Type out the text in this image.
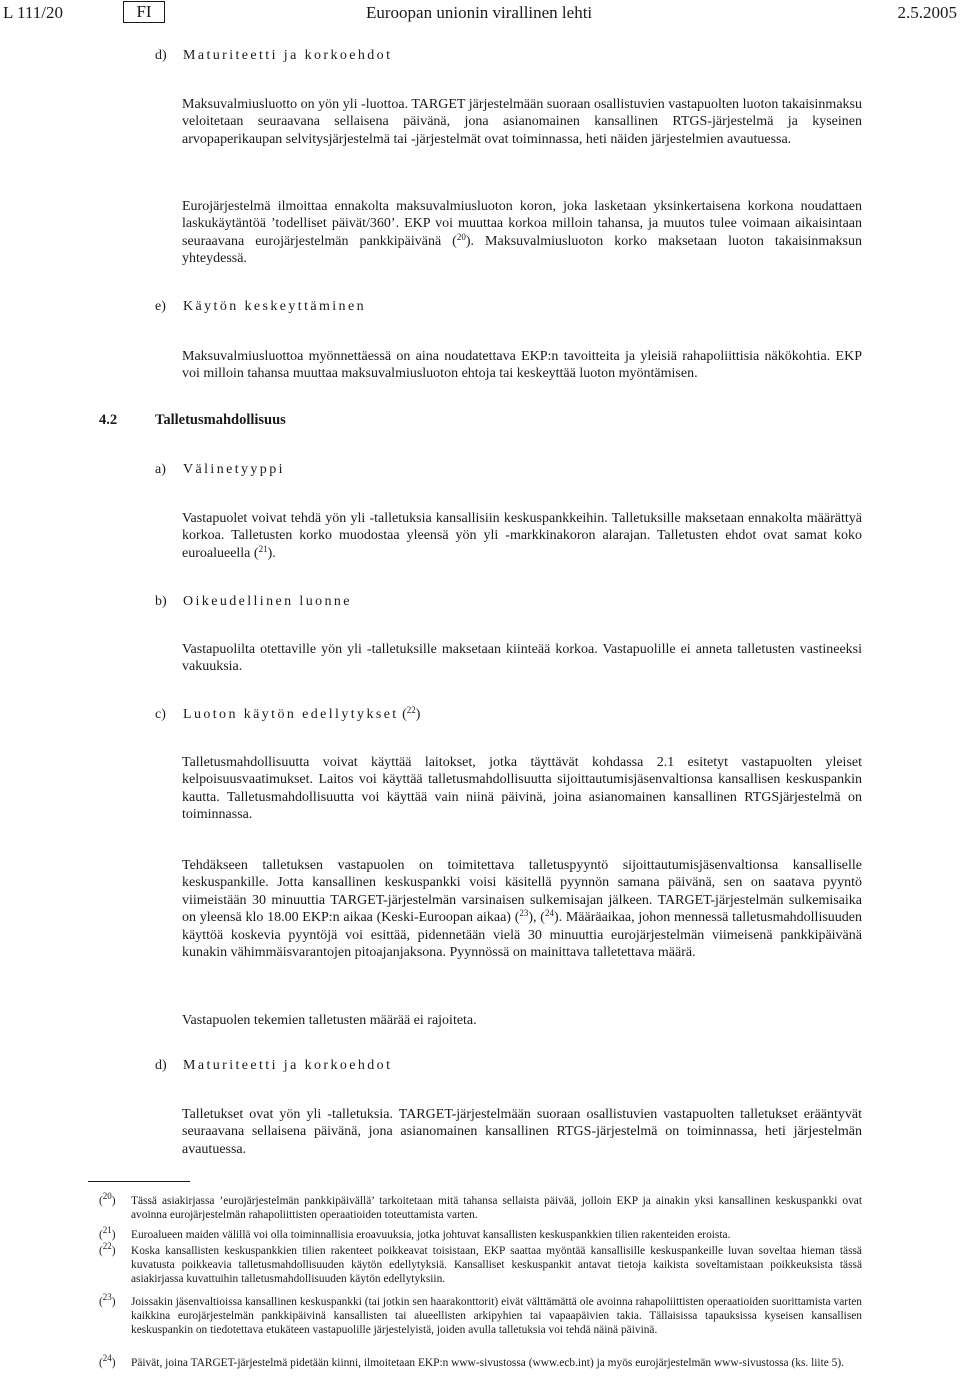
L 111/20	FI	Euroopan unionin virallinen lehti	2.5.2005
d) Maturiteetti ja korkoehdot
Maksuvalmiusluotto on yön yli -luottoa. TARGET järjestelmään suoraan osallistuvien vastapuolten luoton takaisinmaksu veloitetaan seuraavana sellaisena päivänä, jona asianomainen kansallinen RTGS-järjestelmä ja kyseinen arvopaperikaupan selvitysjärjestelmä tai -järjestelmät ovat toiminnassa, heti näiden järjestelmien avautuessa.
Eurojärjestelmä ilmoittaa ennakolta maksuvalmiusluoton koron, joka lasketaan yksinkertaisena korkona noudattaen laskukäytäntöä ’todelliset päivät/360’. EKP voi muuttaa korkoa milloin tahansa, ja muutos tulee voimaan aikaisintaan seuraavana eurojärjestelmän pankkipäivänä ($^{20}$). Maksuvalmiusluoton korko maksetaan luoton takaisinmaksun yhteydessä.
e) Käytön keskeyttäminen
Maksuvalmiusluottoa myönnettäessä on aina noudatettava EKP:n tavoitteita ja yleisiä rahapoliittisia näkökohtia. EKP voi milloin tahansa muuttaa maksuvalmiusluoton ehtoja tai keskeyttää luoton myöntämisen.
4.2	Talletusmahdollisuus
a) Välinetyyppi
Vastapuolet voivat tehdä yön yli -talletuksia kansallisiin keskuspankkeihin. Talletuksille maksetaan ennakolta määrättyä korkoa. Talletusten korko muodostaa yleensä yön yli -markkinakoron alarajan. Talletusten ehdot ovat samat koko euroalueella ($^{21}$).
b) Oikeudellinen luonne
Vastapuolilta otettaville yön yli -talletuksille maksetaan kiinteää korkoa. Vastapuolille ei anneta talletusten vastineeksi vakuuksia.
c) Luoton käytön edellytykset ($^{22}$)
Talletusmahdollisuutta voivat käyttää laitokset, jotka täyttävät kohdassa 2.1 esitetyt vastapuolten yleiset kelpoisuusvaatimukset. Laitos voi käyttää talletusmahdollisuutta sijoittautumisjäsenvaltionsa kansallisen keskuspankin kautta. Talletusmahdollisuutta voi käyttää vain niinä päivinä, joina asianomainen kansallinen RTGSjärjestelmä on toiminnassa.
Tehdäkseen talletuksen vastapuolen on toimitettava talletuspyyntö sijoittautumisjäsenvaltionsa kansalliselle keskuspankille. Jotta kansallinen keskuspankki voisi käsitellä pyynnön samana päivänä, sen on saatava pyyntö viimeistään 30 minuuttia TARGET-järjestelmän varsinaisen sulkemisajan jälkeen. TARGET-järjestelmän sulkemisaika on yleensä klo 18.00 EKP:n aikaa (Keski-Euroopan aikaa) ($^{23}$), ($^{24}$). Määräaikaa, johon mennessä talletusmahdollisuuden käyttöä koskevia pyyntöjä voi esittää, pidennetään vielä 30 minuuttia eurojärjestelmän viimeisenä pankkipäivänä kunakin vähimmäisvarantojen pitoajanjaksona. Pyynnössä on mainittava talletettava määrä.
Vastapuolen tekemien talletusten määrää ei rajoiteta.
d) Maturiteetti ja korkoehdot
Talletukset ovat yön yli -talletuksia. TARGET-järjestelmään suoraan osallistuvien vastapuolten talletukset erääntyvät seuraavana sellaisena päivänä, jona asianomainen kansallinen RTGS-järjestelmä on toiminnassa, heti järjestelmän avautuessa.
($^{20}$)	Tässä asiakirjassa ’eurojärjestelmän pankkipäivällä’ tarkoitetaan mitä tahansa sellaista päivää, jolloin EKP ja ainakin yksi kansallinen keskuspankki ovat avoinna eurojärjestelmän rahapoliittisten operaatioiden toteuttamista varten.
($^{21}$)	Euroalueen maiden välillä voi olla toiminnallisia eroavuuksia, jotka johtuvat kansallisten keskuspankkien tilien rakenteiden eroista.
($^{22}$)	Koska kansallisten keskuspankkien tilien rakenteet poikkeavat toisistaan, EKP saattaa myöntää kansallisille keskuspankeille luvan soveltaa hieman tässä kuvatusta poikkeavia talletusmahdollisuuden käytön edellytyksiä. Kansalliset keskuspankit antavat tietoja kaikista soveltamistaan poikkeuksista tässä asiakirjassa kuvattuihin talletusmahdollisuuden käytön edellytyksiin.
($^{23}$)	Joissakin jäsenvaltioissa kansallinen keskuspankki (tai jotkin sen haarakonttorit) eivät välttämättä ole avoinna rahapoliittisten operaatioiden suorittamista varten kaikkina eurojärjestelmän pankkipäivinä kansallisten tai alueellisten arkipyhien tai vapaapäivien takia. Tällaisissa tapauksissa kyseisen kansallisen keskuspankin on tiedotettava etukäteen vastapuolille järjestelyistä, joiden avulla talletuksia voi tehdä näinä päivinä.
($^{24}$)	Päivät, joina TARGET-järjestelmä pidetään kiinni, ilmoitetaan EKP:n www-sivustossa (www.ecb.int) ja myös eurojärjestelmän www-sivustossa (ks. liite 5).
